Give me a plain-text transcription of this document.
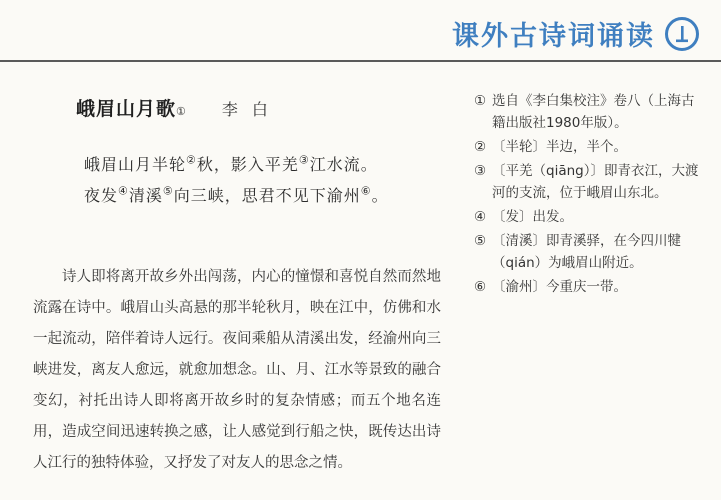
课外古诗词诵读
峨眉山月歌 ① 李白
峨眉山月半轮②秋，影入平羌③江水流。
夜发④清溪⑤向三峡，思君不见下渝州⑥。

诗人即将离开故乡外出闯荡，内心的憧憬和喜悦自然而然地流露在诗中。峨眉山头高悬的那半轮秋月，映在江中，仿佛和水一起流动，陪伴着诗人远行。夜间乘船从清溪出发，经渝州向三峡进发，离友人愈远，就愈加想念。山、月、江水等景致的融合变幻，衬托出诗人即将离开故乡时的复杂情感；而五个地名连用，造成空间迅速转换之感，让人感觉到行船之快，既传达出诗人江行的独特体验，又抒发了对友人的思念之情。

① 选自《李白集校注》卷八（上海古籍出版社1980年版）。
② 〔半轮〕半边，半个。
③ 〔平羌（qiāng）〕即青衣江，大渡河的支流，位于峨眉山东北。
④ 〔发〕出发。
⑤ 〔清溪〕即青溪驿，在今四川犍（qián）为峨眉山附近。
⑥ 〔渝州〕今重庆一带。
